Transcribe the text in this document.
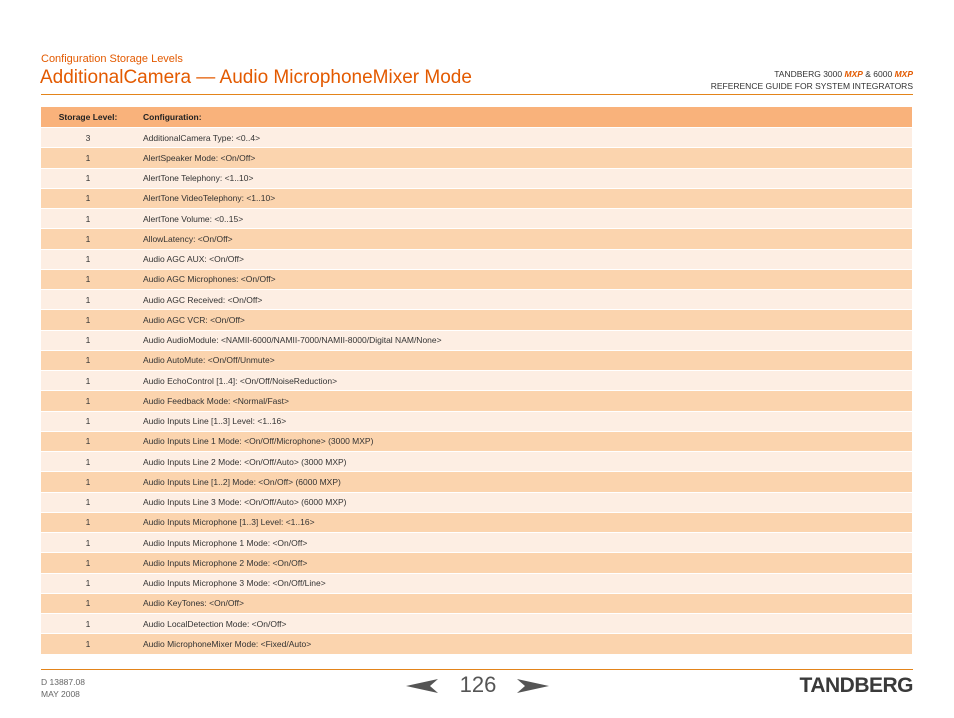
Configuration Storage Levels
AdditionalCamera — Audio MicrophoneMixer Mode	TANDBERG 3000 MXP & 6000 MXP
REFERENCE GUIDE FOR SYSTEM INTEGRATORS
Storage Level:	Configuration:
3	AdditionalCamera Type: <0..4>
1	AlertSpeaker Mode: <On/Off>
1	AlertTone Telephony: <1..10>
1	AlertTone VideoTelephony: <1..10>
1	AlertTone Volume: <0..15>
1	AllowLatency: <On/Off>
1	Audio AGC AUX: <On/Off>
1	Audio AGC Microphones: <On/Off>
1	Audio AGC Received: <On/Off>
1	Audio AGC VCR: <On/Off>
1	Audio AudioModule: <NAMII-6000/NAMII-7000/NAMII-8000/Digital NAM/None>
1	Audio AutoMute: <On/Off/Unmute>
1	Audio EchoControl [1..4]: <On/Off/NoiseReduction>
1	Audio Feedback Mode: <Normal/Fast>
1	Audio Inputs Line [1..3] Level: <1..16>
1	Audio Inputs Line 1 Mode: <On/Off/Microphone> (3000 MXP)
1	Audio Inputs Line 2 Mode: <On/Off/Auto> (3000 MXP)
1	Audio Inputs Line [1..2] Mode: <On/Off> (6000 MXP)
1	Audio Inputs Line 3 Mode: <On/Off/Auto> (6000 MXP)
1	Audio Inputs Microphone [1..3] Level: <1..16>
1	Audio Inputs Microphone 1 Mode: <On/Off>
1	Audio Inputs Microphone 2 Mode: <On/Off>
1	Audio Inputs Microphone 3 Mode: <On/Off/Line>
1	Audio KeyTones: <On/Off>
1	Audio LocalDetection Mode: <On/Off>
1	Audio MicrophoneMixer Mode: <Fixed/Auto>
D 13887.08
MAY 2008	126	TANDBERG
